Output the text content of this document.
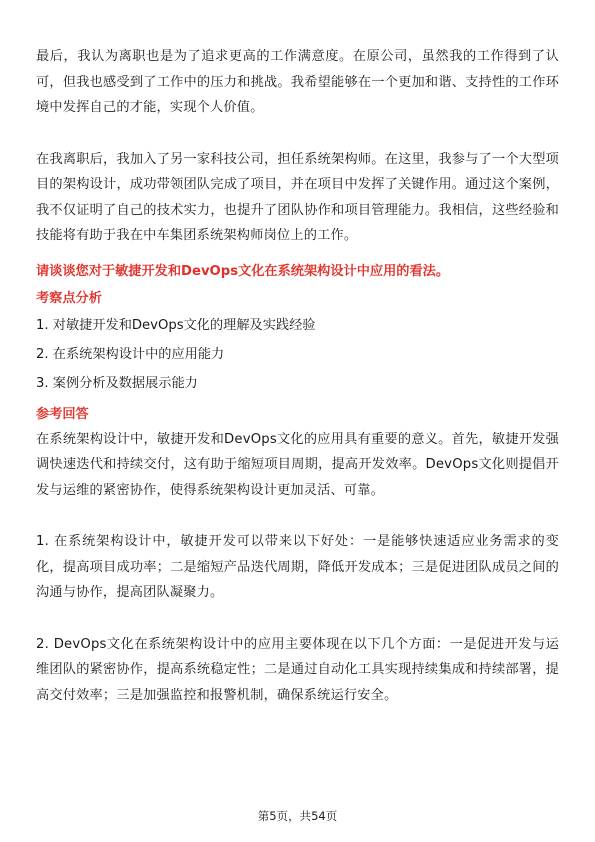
最后，我认为离职也是为了追求更高的工作满意度。在原公司，虽然我的工作得到了认可，但我也感受到了工作中的压力和挑战。我希望能够在一个更加和谐、支持性的工作环境中发挥自己的才能，实现个人价值。

在我离职后，我加入了另一家科技公司，担任系统架构师。在这里，我参与了一个大型项目的架构设计，成功带领团队完成了项目，并在项目中发挥了关键作用。通过这个案例，我不仅证明了自己的技术实力，也提升了团队协作和项目管理能力。我相信，这些经验和技能将有助于我在中车集团系统架构师岗位上的工作。

请谈谈您对于敏捷开发和DevOps文化在系统架构设计中应用的看法。
考察点分析
1. 对敏捷开发和DevOps文化的理解及实践经验
2. 在系统架构设计中的应用能力
3. 案例分析及数据展示能力
参考回答

在系统架构设计中，敏捷开发和DevOps文化的应用具有重要的意义。首先，敏捷开发强调快速迭代和持续交付，这有助于缩短项目周期，提高开发效率。DevOps文化则提倡开发与运维的紧密协作，使得系统架构设计更加灵活、可靠。

1. 在系统架构设计中，敏捷开发可以带来以下好处：一是能够快速适应业务需求的变化，提高项目成功率；二是缩短产品迭代周期，降低开发成本；三是促进团队成员之间的沟通与协作，提高团队凝聚力。

2. DevOps文化在系统架构设计中的应用主要体现在以下几个方面：一是促进开发与运维团队的紧密协作，提高系统稳定性；二是通过自动化工具实现持续集成和持续部署，提高交付效率；三是加强监控和报警机制，确保系统运行安全。

第5页，共54页
